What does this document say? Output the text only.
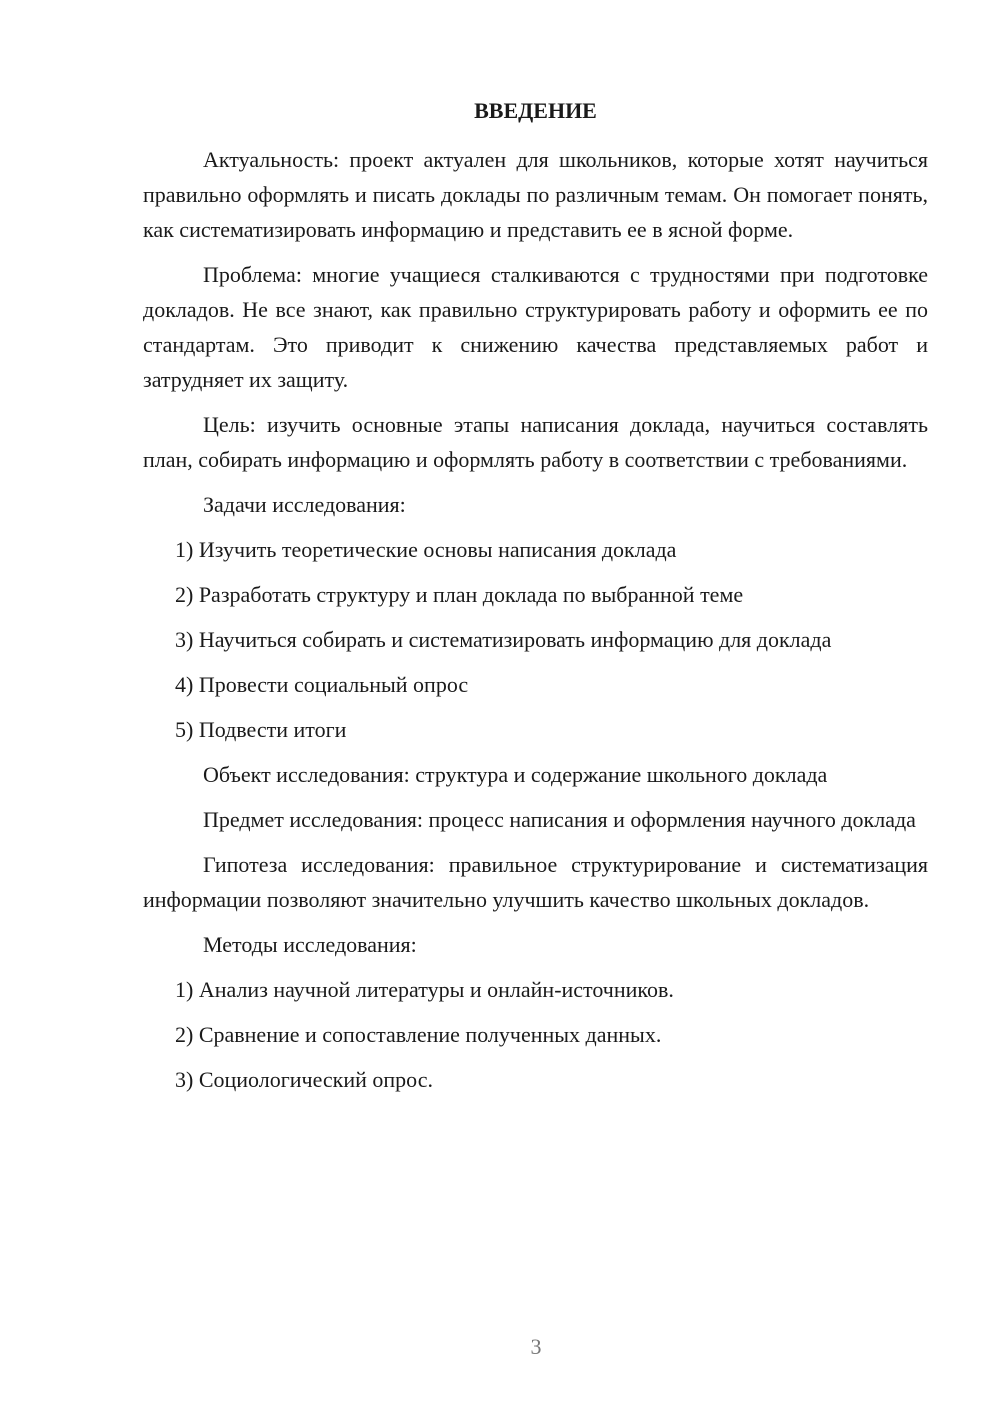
ВВЕДЕНИЕ

Актуальность: проект актуален для школьников, которые хотят научиться правильно оформлять и писать доклады по различным темам. Он помогает понять, как систематизировать информацию и представить ее в ясной форме.

Проблема: многие учащиеся сталкиваются с трудностями при подготовке докладов. Не все знают, как правильно структурировать работу и оформить ее по стандартам. Это приводит к снижению качества представляемых работ и затрудняет их защиту.

Цель: изучить основные этапы написания доклада, научиться составлять план, собирать информацию и оформлять работу в соответствии с требованиями.

Задачи исследования:

1) Изучить теоретические основы написания доклада

2) Разработать структуру и план доклада по выбранной теме

3) Научиться собирать и систематизировать информацию для доклада

4) Провести социальный опрос

5) Подвести итоги

Объект исследования: структура и содержание школьного доклада

Предмет исследования: процесс написания и оформления научного доклада

Гипотеза исследования: правильное структурирование и систематизация информации позволяют значительно улучшить качество школьных докладов.

Методы исследования:

1) Анализ научной литературы и онлайн-источников.

2) Сравнение и сопоставление полученных данных.

3) Социологический опрос.

3
